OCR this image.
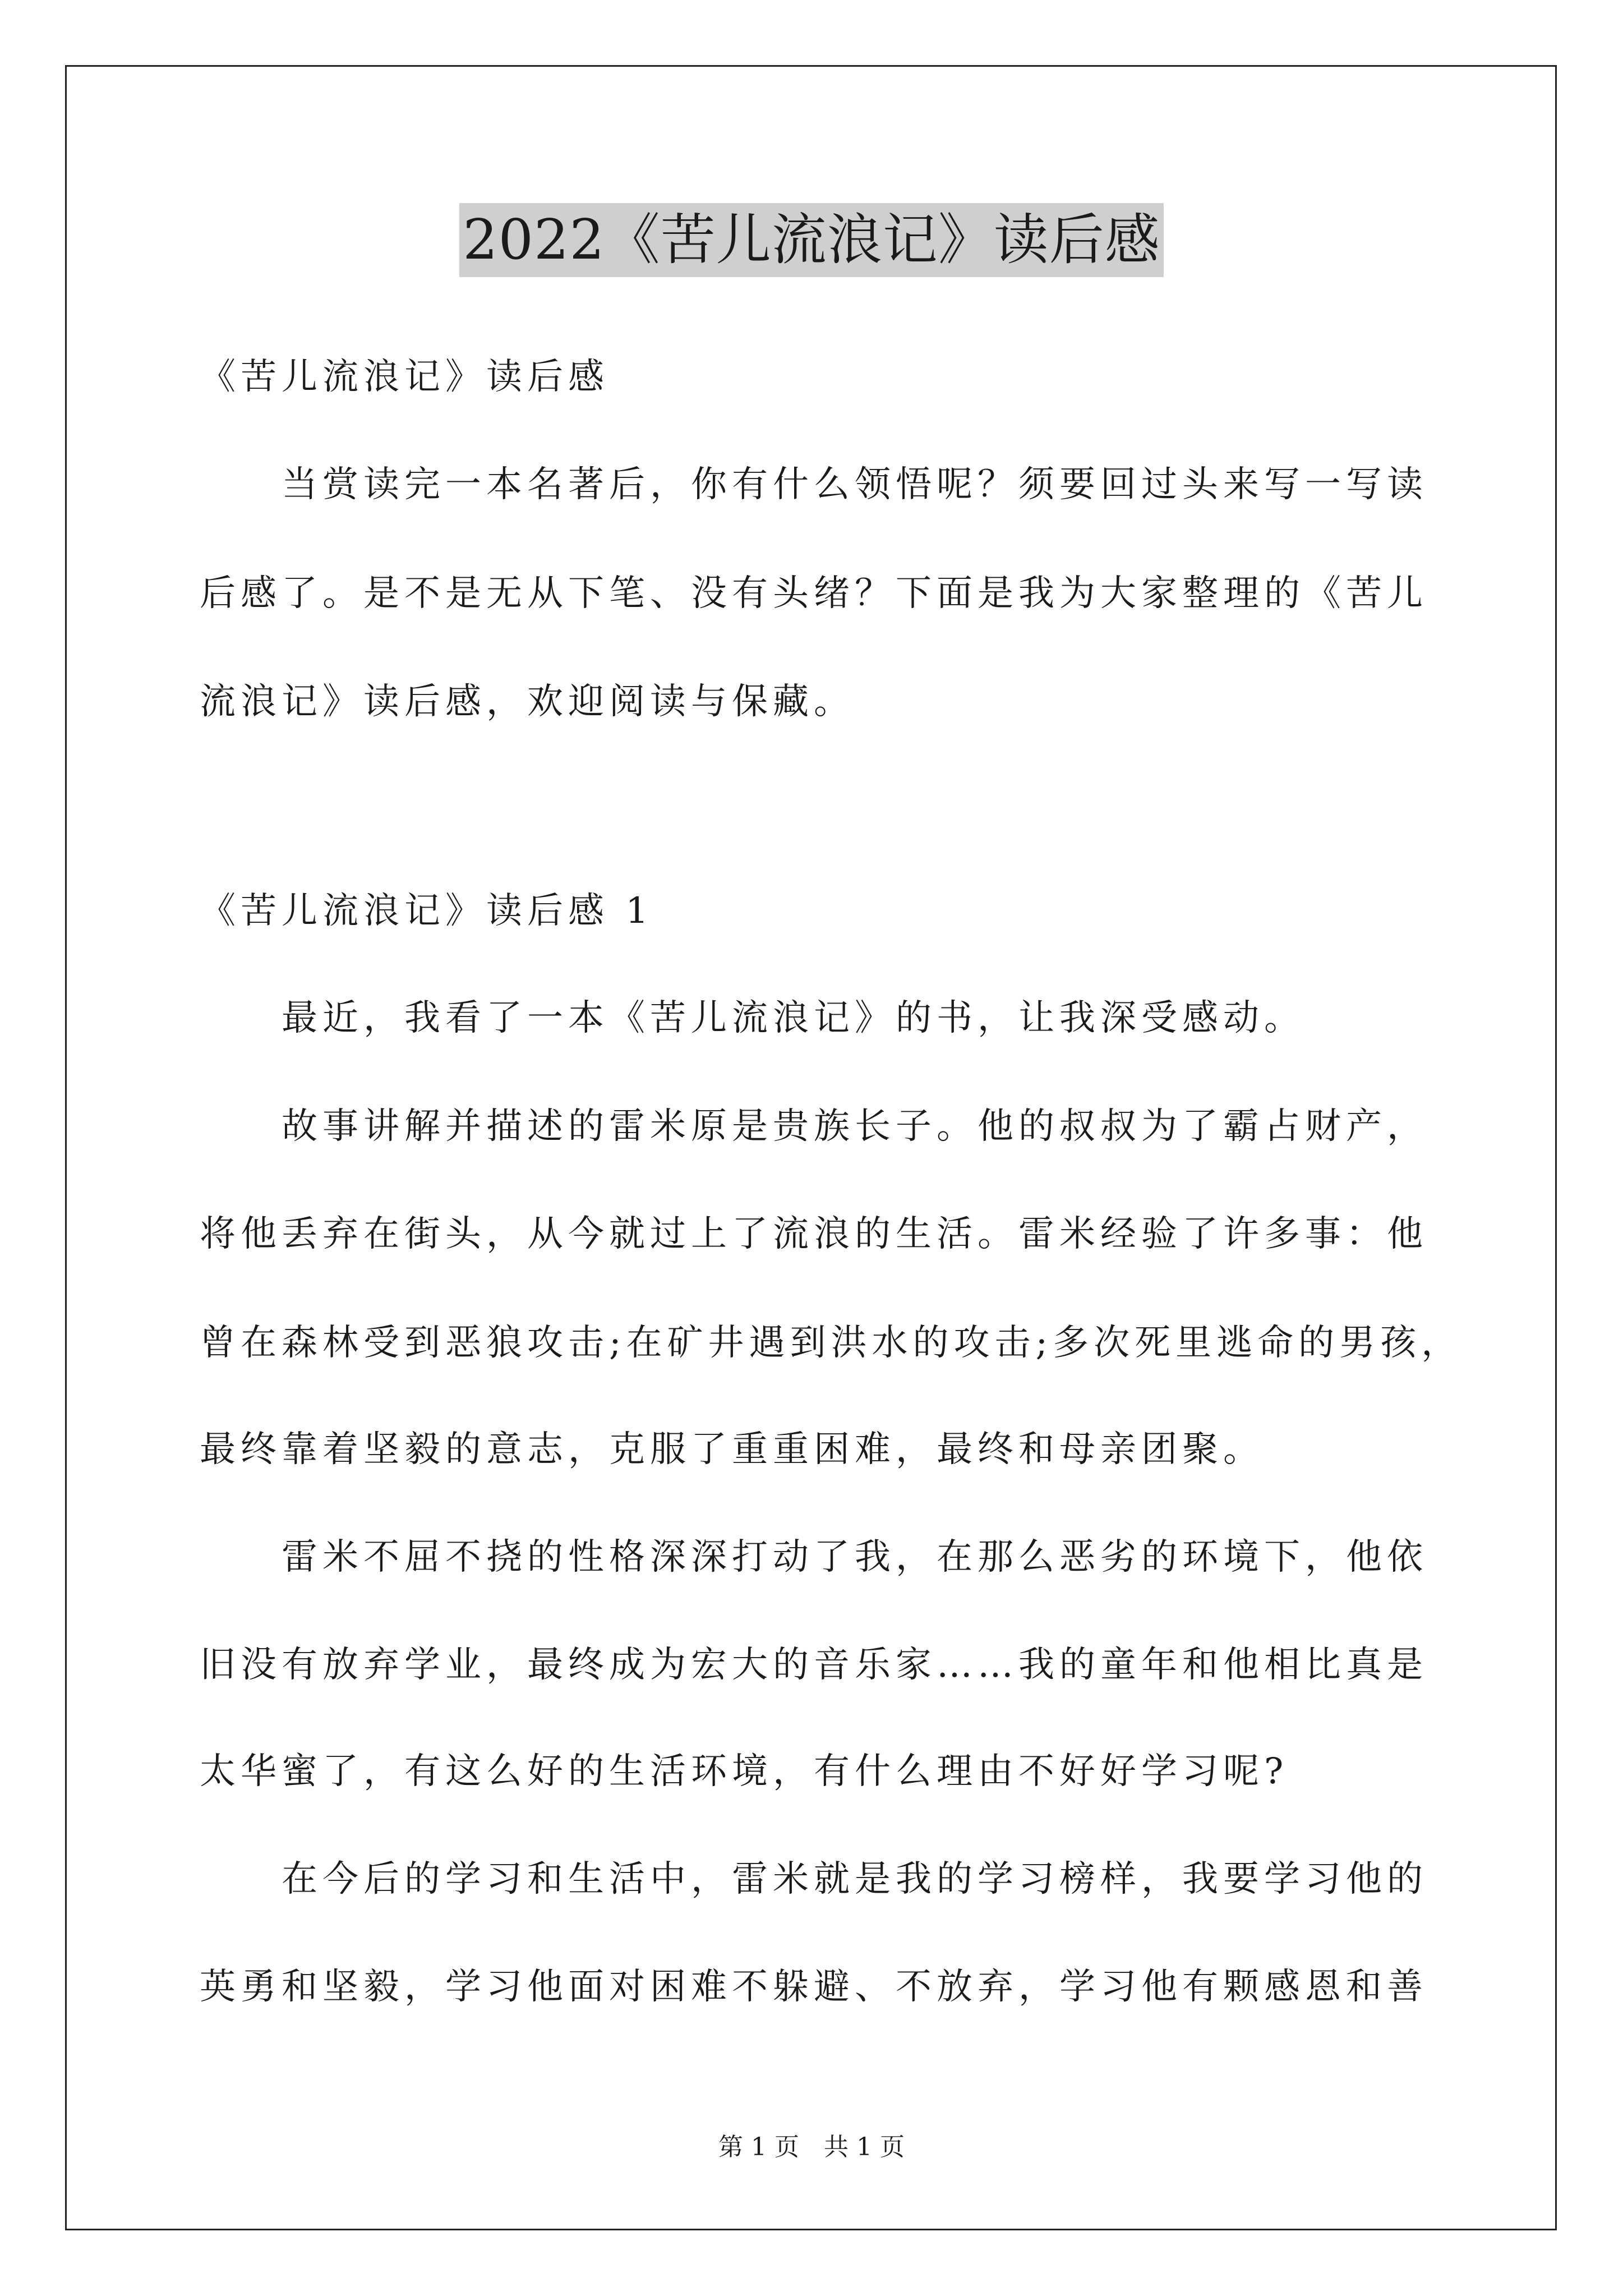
2022《苦儿流浪记》读后感
《苦儿流浪记》读后感
当赏读完一本名著后，你有什么领悟呢？须要回过头来写一写读
后感了。是不是无从下笔、没有头绪？下面是我为大家整理的《苦儿
流浪记》读后感，欢迎阅读与保藏。
《苦儿流浪记》读后感 1
最近，我看了一本《苦儿流浪记》的书，让我深受感动。
故事讲解并描述的雷米原是贵族长子。他的叔叔为了霸占财产，
将他丢弃在街头，从今就过上了流浪的生活。雷米经验了许多事：他
曾在森林受到恶狼攻击;在矿井遇到洪水的攻击;多次死里逃命的男孩，
最终靠着坚毅的意志，克服了重重困难，最终和母亲团聚。
雷米不屈不挠的性格深深打动了我，在那么恶劣的环境下，他依
旧没有放弃学业，最终成为宏大的音乐家……我的童年和他相比真是
太华蜜了，有这么好的生活环境，有什么理由不好好学习呢?
在今后的学习和生活中，雷米就是我的学习榜样，我要学习他的
英勇和坚毅，学习他面对困难不躲避、不放弃，学习他有颗感恩和善
第 1 页　共 1 页
